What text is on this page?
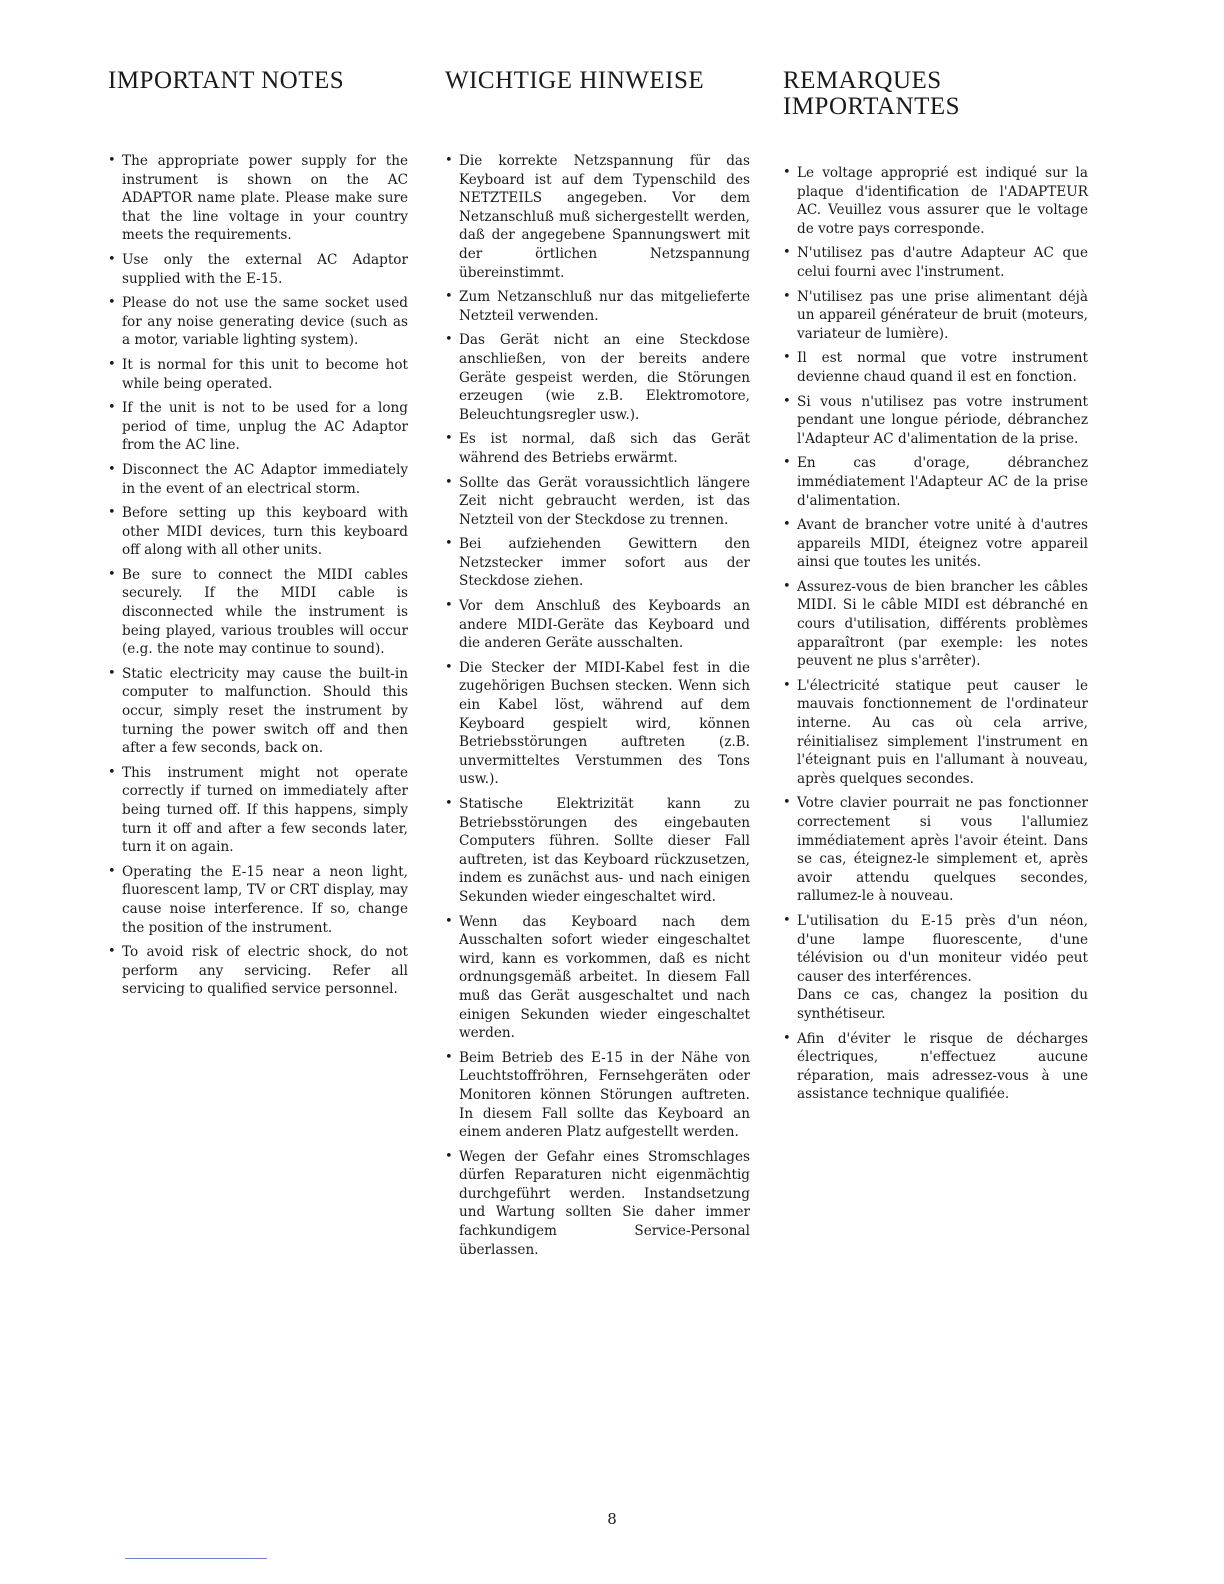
IMPORTANT NOTES
• The appropriate power supply for the instrument is shown on the AC ADAPTOR name plate. Please make sure that the line voltage in your country meets the requirements.
• Use only the external AC Adaptor supplied with the E-15.
• Please do not use the same socket used for any noise generating device (such as a motor, variable lighting system).
• It is normal for this unit to become hot while being operated.
• If the unit is not to be used for a long period of time, unplug the AC Adaptor from the AC line.
• Disconnect the AC Adaptor immediately in the event of an electrical storm.
• Before setting up this keyboard with other MIDI devices, turn this keyboard off along with all other units.
• Be sure to connect the MIDI cables securely. If the MIDI cable is disconnected while the instrument is being played, various troubles will occur (e.g. the note may continue to sound).
• Static electricity may cause the built-in computer to malfunction. Should this occur, simply reset the instrument by turning the power switch off and then after a few seconds, back on.
• This instrument might not operate correctly if turned on immediately after being turned off. If this happens, simply turn it off and after a few seconds later, turn it on again.
• Operating the E-15 near a neon light, fluorescent lamp, TV or CRT display, may cause noise interference. If so, change the position of the instrument.
• To avoid risk of electric shock, do not perform any servicing. Refer all servicing to qualified service personnel.
WICHTIGE HINWEISE
• Die korrekte Netzspannung für das Keyboard ist auf dem Typenschild des NETZTEILS angegeben. Vor dem Netzanschluß muß sichergestellt werden, daß der angegebene Spannungswert mit der örtlichen Netzspannung übereinstimmt.
• Zum Netzanschluß nur das mitgelieferte Netzteil verwenden.
• Das Gerät nicht an eine Steckdose anschließen, von der bereits andere Geräte gespeist werden, die Störungen erzeugen (wie z.B. Elektromotore, Beleuchtungsregler usw.).
• Es ist normal, daß sich das Gerät während des Betriebs erwärmt.
• Sollte das Gerät voraussichtlich längere Zeit nicht gebraucht werden, ist das Netzteil von der Steckdose zu trennen.
• Bei aufziehenden Gewittern den Netzstecker immer sofort aus der Steckdose ziehen.
• Vor dem Anschluß des Keyboards an andere MIDI-Geräte das Keyboard und die anderen Geräte ausschalten.
• Die Stecker der MIDI-Kabel fest in die zugehörigen Buchsen stecken. Wenn sich ein Kabel löst, während auf dem Keyboard gespielt wird, können Betriebsstörungen auftreten (z.B. unvermitteltes Verstummen des Tons usw.).
• Statische Elektrizität kann zu Betriebsstörungen des eingebauten Computers führen. Sollte dieser Fall auftreten, ist das Keyboard rückzusetzen, indem es zunächst aus- und nach einigen Sekunden wieder eingeschaltet wird.
• Wenn das Keyboard nach dem Ausschalten sofort wieder eingeschaltet wird, kann es vorkommen, daß es nicht ordnungsgemäß arbeitet. In diesem Fall muß das Gerät ausgeschaltet und nach einigen Sekunden wieder eingeschaltet werden.
• Beim Betrieb des E-15 in der Nähe von Leuchtstoffröhren, Fernsehgeräten oder Monitoren können Störungen auftreten. In diesem Fall sollte das Keyboard an einem anderen Platz aufgestellt werden.
• Wegen der Gefahr eines Stromschlages dürfen Reparaturen nicht eigenmächtig durchgeführt werden. Instandsetzung und Wartung sollten Sie daher immer fachkundigem Service-Personal überlassen.
REMARQUES IMPORTANTES
• Le voltage approprié est indiqué sur la plaque d'identification de l'ADAPTEUR AC. Veuillez vous assurer que le voltage de votre pays corresponde.
• N'utilisez pas d'autre Adapteur AC que celui fourni avec l'instrument.
• N'utilisez pas une prise alimentant déjà un appareil générateur de bruit (moteurs, variateur de lumière).
• Il est normal que votre instrument devienne chaud quand il est en fonction.
• Si vous n'utilisez pas votre instrument pendant une longue période, débranchez l'Adapteur AC d'alimentation de la prise.
• En cas d'orage, débranchez immédiatement l'Adapteur AC de la prise d'alimentation.
• Avant de brancher votre unité à d'autres appareils MIDI, éteignez votre appareil ainsi que toutes les unités.
• Assurez-vous de bien brancher les câbles MIDI. Si le câble MIDI est débranché en cours d'utilisation, différents problèmes apparaîtront (par exemple: les notes peuvent ne plus s'arrêter).
• L'électricité statique peut causer le mauvais fonctionnement de l'ordinateur interne. Au cas où cela arrive, réinitialisez simplement l'instrument en l'éteignant puis en l'allumant à nouveau, après quelques secondes.
• Votre clavier pourrait ne pas fonctionner correctement si vous l'allumiez immédiatement après l'avoir éteint. Dans se cas, éteignez-le simplement et, après avoir attendu quelques secondes, rallumez-le à nouveau.
• L'utilisation du E-15 près d'un néon, d'une lampe fluorescente, d'une télévision ou d'un moniteur vidéo peut causer des interférences.
Dans ce cas, changez la position du synthétiseur.
• Afin d'éviter le risque de décharges électriques, n'effectuez aucune réparation, mais adressez-vous à une assistance technique qualifiée.
8
